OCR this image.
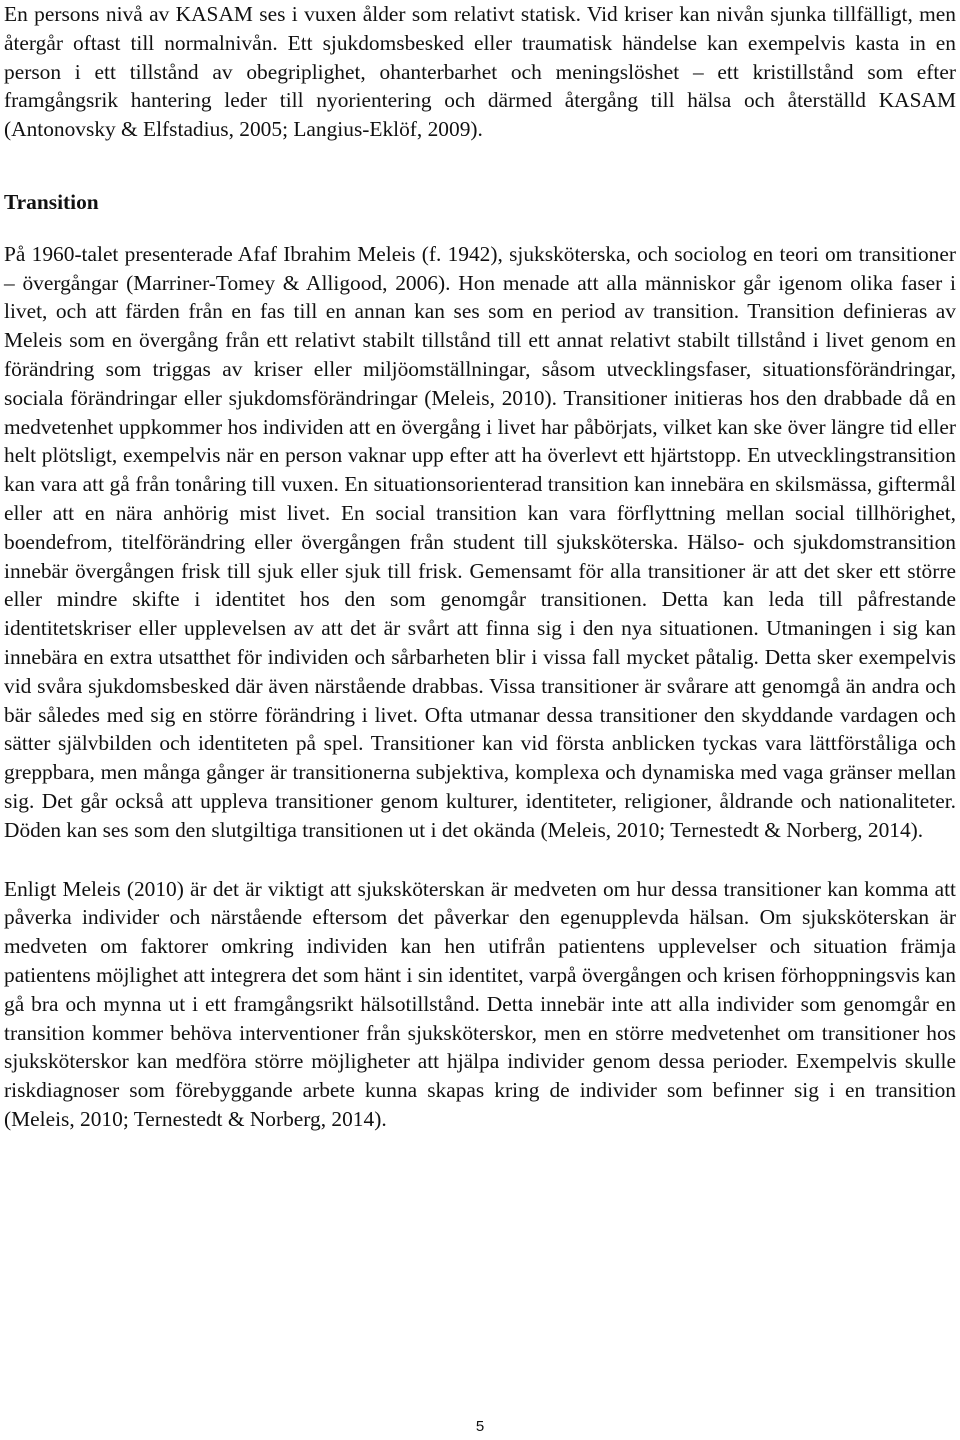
En persons nivå av KASAM ses i vuxen ålder som relativt statisk. Vid kriser kan nivån sjunka tillfälligt, men återgår oftast till normalnivån. Ett sjukdomsbesked eller traumatisk händelse kan exempelvis kasta in en person i ett tillstånd av obegriplighet, ohanterbarhet och meningslöshet – ett kristillstånd som efter framgångsrik hantering leder till nyorientering och därmed återgång till hälsa och återställd KASAM (Antonovsky & Elfstadius, 2005; Langius-Eklöf, 2009).

Transition

På 1960-talet presenterade Afaf Ibrahim Meleis (f. 1942), sjuksköterska, och sociolog en teori om transitioner – övergångar (Marriner-Tomey & Alligood, 2006). Hon menade att alla människor går igenom olika faser i livet, och att färden från en fas till en annan kan ses som en period av transition. Transition definieras av Meleis som en övergång från ett relativt stabilt tillstånd till ett annat relativt stabilt tillstånd i livet genom en förändring som triggas av kriser eller miljöomställningar, såsom utvecklingsfaser, situationsförändringar, sociala förändringar eller sjukdomsförändringar (Meleis, 2010). Transitioner initieras hos den drabbade då en medvetenhet uppkommer hos individen att en övergång i livet har påbörjats, vilket kan ske över längre tid eller helt plötsligt, exempelvis när en person vaknar upp efter att ha överlevt ett hjärtstopp. En utvecklingstransition kan vara att gå från tonåring till vuxen. En situationsorienterad transition kan innebära en skilsmässa, giftermål eller att en nära anhörig mist livet. En social transition kan vara förflyttning mellan social tillhörighet, boendefrom, titelförändring eller övergången från student till sjuksköterska. Hälso- och sjukdomstransition innebär övergången frisk till sjuk eller sjuk till frisk. Gemensamt för alla transitioner är att det sker ett större eller mindre skifte i identitet hos den som genomgår transitionen. Detta kan leda till påfrestande identitetskriser eller upplevelsen av att det är svårt att finna sig i den nya situationen. Utmaningen i sig kan innebära en extra utsatthet för individen och sårbarheten blir i vissa fall mycket påtalig. Detta sker exempelvis vid svåra sjukdomsbesked där även närstående drabbas. Vissa transitioner är svårare att genomgå än andra och bär således med sig en större förändring i livet. Ofta utmanar dessa transitioner den skyddande vardagen och sätter självbilden och identiteten på spel. Transitioner kan vid första anblicken tyckas vara lättförståliga och greppbara, men många gånger är transitionerna subjektiva, komplexa och dynamiska med vaga gränser mellan sig. Det går också att uppleva transitioner genom kulturer, identiteter, religioner, åldrande och nationaliteter. Döden kan ses som den slutgiltiga transitionen ut i det okända (Meleis, 2010; Ternestedt & Norberg, 2014).

Enligt Meleis (2010) är det är viktigt att sjuksköterskan är medveten om hur dessa transitioner kan komma att påverka individer och närstående eftersom det påverkar den egenupplevda hälsan. Om sjuksköterskan är medveten om faktorer omkring individen kan hen utifrån patientens upplevelser och situation främja patientens möjlighet att integrera det som hänt i sin identitet, varpå övergången och krisen förhoppningsvis kan gå bra och mynna ut i ett framgångsrikt hälsotillstånd. Detta innebär inte att alla individer som genomgår en transition kommer behöva interventioner från sjuksköterskor, men en större medvetenhet om transitioner hos sjuksköterskor kan medföra större möjligheter att hjälpa individer genom dessa perioder. Exempelvis skulle riskdiagnoser som förebyggande arbete kunna skapas kring de individer som befinner sig i en transition (Meleis, 2010; Ternestedt & Norberg, 2014).

5
